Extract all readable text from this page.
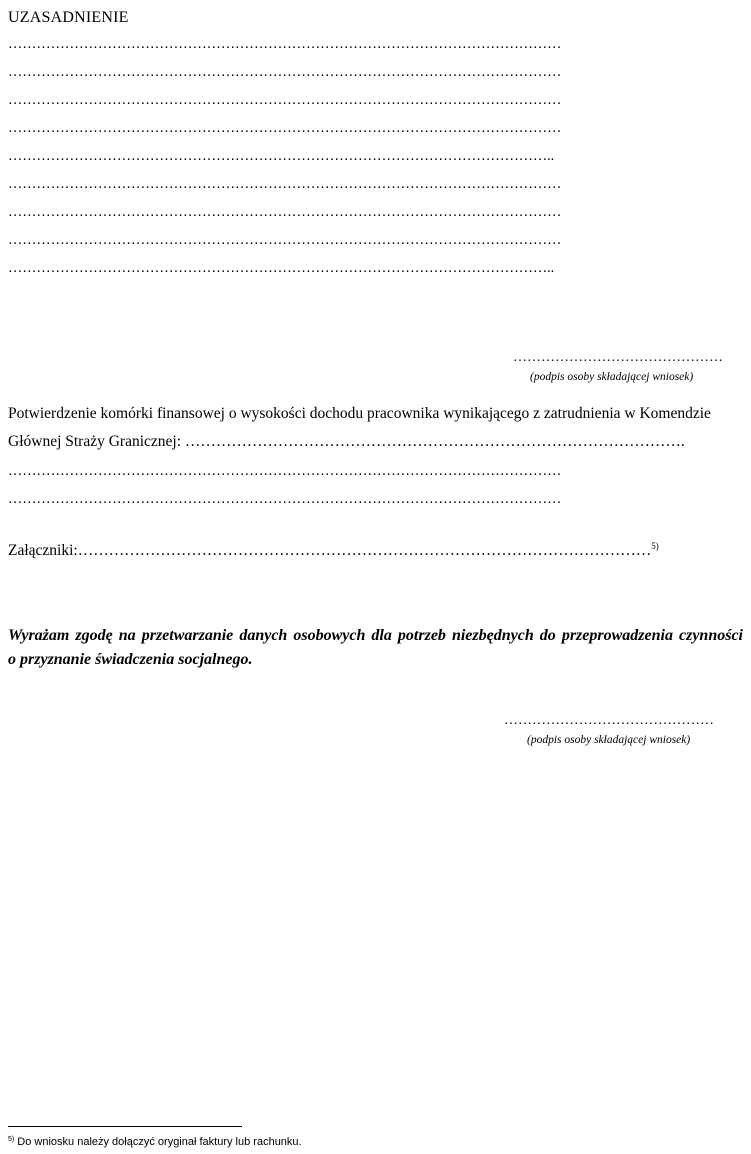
UZASADNIENIE
………………………………………………………………………………………………………
………………………………………………………………………………………………………
………………………………………………………………………………………………………
………………………………………………………………………………………………………
……………………………………………………………………………………………………..
………………………………………………………………………………………………………
………………………………………………………………………………………………………
………………………………………………………………………………………………………
……………………………………………………………………………………………………..
………………………………………
(podpis osoby składającej wniosek)
Potwierdzenie komórki finansowej o wysokości dochodu pracownika wynikającego z zatrudnienia w Komendzie
Głównej Straży Granicznej: …………………………………………………………………………………….
………………………………………………………………………………………………………
………………………………………………………………………………………………………
Załączniki:…………………………………………………………………………………………………$^{5)}$
Wyrażam zgodę na przetwarzanie danych osobowych dla potrzeb niezbędnych do przeprowadzenia czynności
o przyznanie świadczenia socjalnego.
………………………………………
(podpis osoby składającej wniosek)
$^{5)}$ Do wniosku należy dołączyć oryginał faktury lub rachunku.
